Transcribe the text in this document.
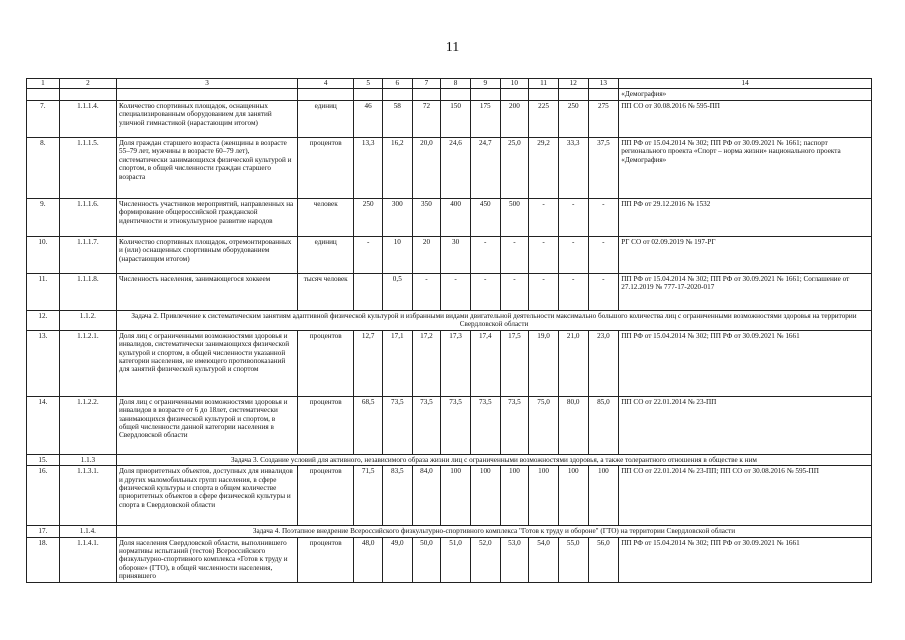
11
1	2	3	4	5	6	7	8	9	10	11	12	13	14
													«Демография»
7.	1.1.1.4.	Количество спортивных площадок, оснащенных специализированным оборудованием для занятий уличной гимнастикой (нарастающим итогом)	единиц	46	58	72	150	175	200	225	250	275	ПП СО от 30.08.2016 № 595-ПП
8.	1.1.1.5.	Доля граждан старшего возраста (женщины в возрасте 55–79 лет, мужчины в возрасте 60–79 лет), систематически занимающихся физической культурой и спортом, в общей численности граждан старшего возраста	процентов	13,3	16,2	20,0	24,6	24,7	25,0	29,2	33,3	37,5	ПП РФ от 15.04.2014 № 302; ПП РФ от 30.09.2021 № 1661; паспорт регионального проекта «Спорт – норма жизни» национального проекта «Демография»
9.	1.1.1.6.	Численность участников мероприятий, направленных на формирование общероссийской гражданской идентичности и этнокультурное развитие народов	человек	250	300	350	400	450	500	-	-	-	ПП РФ от 29.12.2016 № 1532
10.	1.1.1.7.	Количество спортивных площадок, отремонтированных и (или) оснащенных спортивным оборудованием (нарастающим итогом)	единиц	-	10	20	30	-	-	-	-	-	РГ СО от 02.09.2019 № 197-РГ
11.	1.1.1.8.	Численность населения, занимающегося хоккеем	тысяч человек		0,5	-	-	-	-	-	-	-	ПП РФ от 15.04.2014 № 302; ПП РФ от 30.09.2021 № 1661; Соглашение от 27.12.2019 № 777-17-2020-017
12.	1.1.2.	Задача 2. Привлечение к систематическим занятиям адаптивной физической культурой и избранными видами двигательной деятельности максимально большого количества лиц с ограниченными возможностями здоровья на территории Свердловской области											
13.	1.1.2.1.	Доля лиц с ограниченными возможностями здоровья и инвалидов, систематически занимающихся физической культурой и спортом, в общей численности указанной категории населения, не имеющего противопоказаний для занятий физической культурой и спортом	процентов	12,7	17,1	17,2	17,3	17,4	17,5	19,0	21,0	23,0	ПП РФ от 15.04.2014 № 302; ПП РФ от 30.09.2021 № 1661
14.	1.1.2.2.	Доля лиц с ограниченными возможностями здоровья и инвалидов в возрасте от 6 до 18лет, систематически занимающихся физической культурой и спортом, в общей численности данной категории населения в Свердловской области	процентов	68,5	73,5	73,5	73,5	73,5	73,5	75,0	80,0	85,0	ПП СО от 22.01.2014 № 23-ПП
15.	1.1.3	Задача 3. Создание условий для активного, независимого образа жизни лиц с ограниченными возможностями здоровья, а также толерантного отношения в обществе к ним											
16.	1.1.3.1.	Доля приоритетных объектов, доступных для инвалидов и других маломобильных групп населения, в сфере физической культуры и спорта в общем количестве приоритетных объектов в сфере физической культуры и спорта в Свердловской области	процентов	71,5	83,5	84,0	100	100	100	100	100	100	ПП СО от 22.01.2014 № 23-ПП; ПП СО от 30.08.2016 № 595-ПП
17.	1.1.4.	Задача 4. Поэтапное внедрение Всероссийского физкультурно-спортивного комплекса "Готов к труду и обороне" (ГТО) на территории Свердловской области											
18.	1.1.4.1.	Доля населения Свердловской области, выполнившего нормативы испытаний (тестов) Всероссийского физкультурно-спортивного комплекса «Готов к труду и обороне» (ГТО), в общей численности населения, принявшего	процентов	48,0	49,0	50,0	51,0	52,0	53,0	54,0	55,0	56,0	ПП РФ от 15.04.2014 № 302; ПП РФ от 30.09.2021 № 1661
